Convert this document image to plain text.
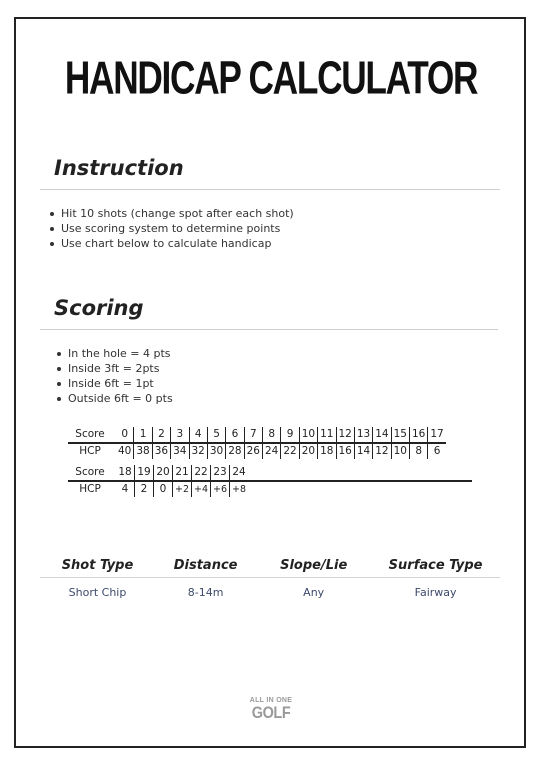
HANDICAP CALCULATOR
Instruction
Hit 10 shots (change spot after each shot)
Use scoring system to determine points
Use chart below to calculate handicap
Scoring
In the hole = 4 pts
Inside 3ft = 2pts
Inside 6ft = 1pt
Outside 6ft = 0 pts
Score	0	1	2	3	4	5	6	7	8	9	10	11	12	13	14	15	16	17
HCP	40	38	36	34	32	30	28	26	24	22	20	18	16	14	12	10	8	6
Score	18	19	20	21	22	23	24	
HCP	4	2	0	+2	+4	+6	+8	
Shot Type	Distance	Slope/Lie	Surface Type
Short Chip	8-14m	Any	Fairway
ALL IN ONE
GOLF
